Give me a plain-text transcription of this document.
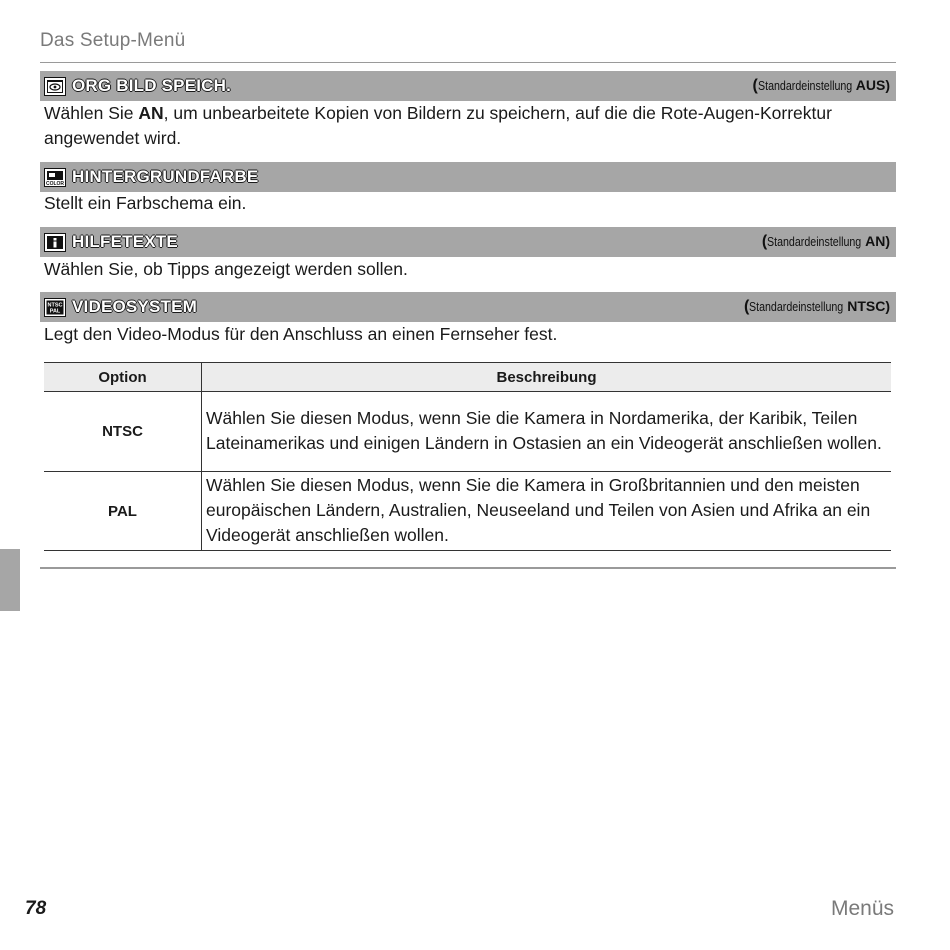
Das Setup-Menü
ORG BILD SPEICH.	( Standardeinstellung AUS)
Wählen Sie AN, um unbearbeitete Kopien von Bildern zu speichern, auf die die Rote-Augen-Korrektur angewendet wird.
COLOR HINTERGRUNDFARBE
Stellt ein Farbschema ein.
HILFETEXTE	( Standardeinstellung AN)
Wählen Sie, ob Tipps angezeigt werden sollen.
NTSC
PAL VIDEOSYSTEM	( Standardeinstellung NTSC)
Legt den Video-Modus für den Anschluss an einen Fernseher fest.
Option	Beschreibung
NTSC	Wählen Sie diesen Modus, wenn Sie die Kamera in Nordamerika, der Karibik, Teilen Lateinamerikas und einigen Ländern in Ostasien an ein Videogerät anschließen wollen.
PAL	Wählen Sie diesen Modus, wenn Sie die Kamera in Großbritannien und den meisten europäischen Ländern, Australien, Neuseeland und Teilen von Asien und Afrika an ein Videogerät anschließen wollen.
78	Menüs
